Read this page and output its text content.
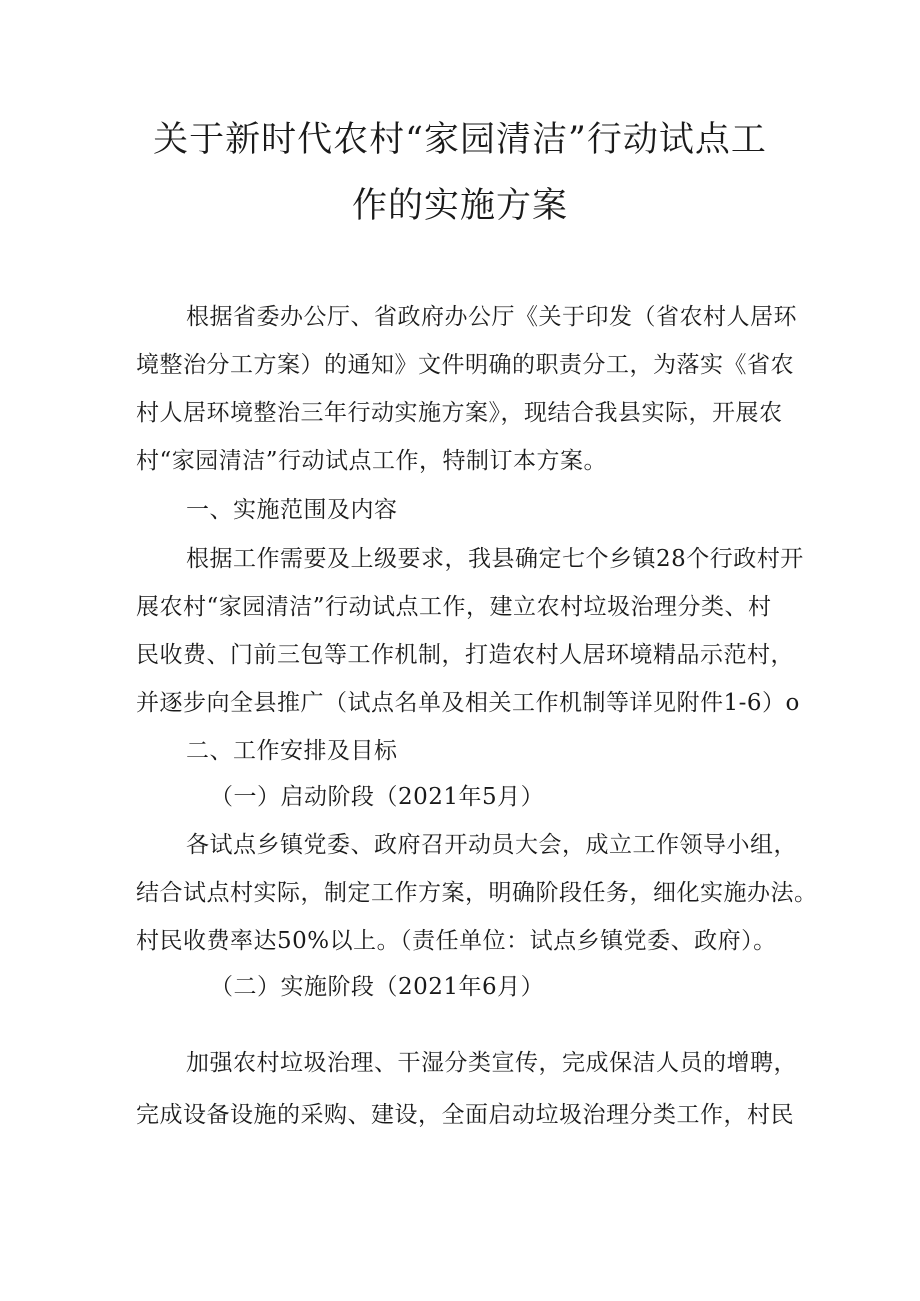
关于新时代农村“家园清洁”行动试点工
作的实施方案
根据省委办公厅、省政府办公厅《关于印发（省农村人居环
境整治分工方案）的通知》文件明确的职责分工，为落实《省农
村人居环境整治三年行动实施方案》，现结合我县实际，开展农
村“家园清洁”行动试点工作，特制订本方案。
一、实施范围及内容
根据工作需要及上级要求，我县确定七个乡镇28个行政村开
展农村“家园清洁”行动试点工作，建立农村垃圾治理分类、村
民收费、门前三包等工作机制，打造农村人居环境精品示范村，
并逐步向全县推广（试点名单及相关工作机制等详见附件1-6）o
二、工作安排及目标
（一）启动阶段（2021年5月）
各试点乡镇党委、政府召开动员大会，成立工作领导小组，
结合试点村实际，制定工作方案，明确阶段任务，细化实施办法。
村民收费率达50%以上。（责任单位：试点乡镇党委、政府）。
（二）实施阶段（2021年6月）
加强农村垃圾治理、干湿分类宣传，完成保洁人员的增聘，
完成设备设施的采购、建设，全面启动垃圾治理分类工作，村民
